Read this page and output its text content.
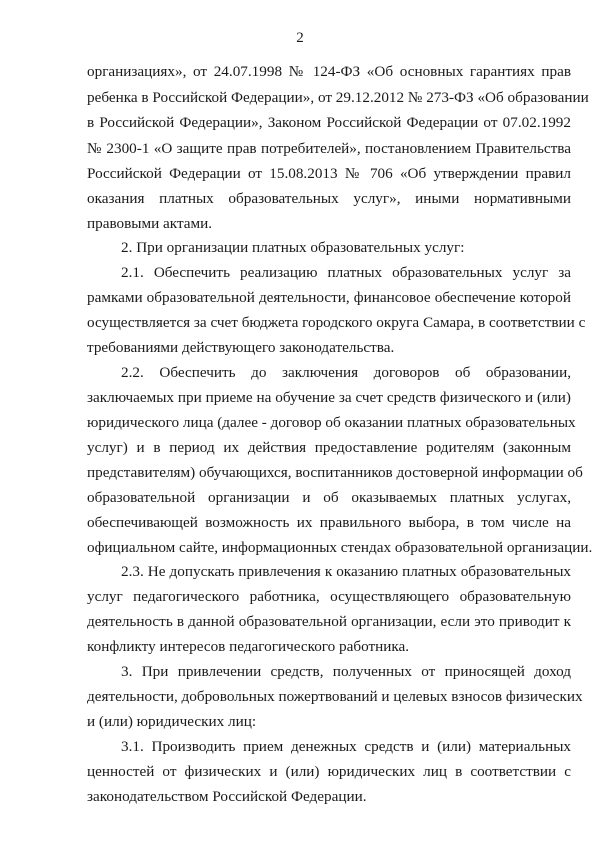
2
организациях», от 24.07.1998 № 124-ФЗ «Об основных гарантиях прав
ребенка в Российской Федерации», от 29.12.2012 № 273-ФЗ «Об образовании
в Российской Федерации», Законом Российской Федерации от 07.02.1992
№ 2300-1 «О защите прав потребителей», постановлением Правительства
Российской Федерации от 15.08.2013 № 706 «Об утверждении правил
оказания платных образовательных услуг», иными нормативными
правовыми актами.
2. При организации платных образовательных услуг:
2.1. Обеспечить реализацию платных образовательных услуг за
рамками образовательной деятельности, финансовое обеспечение которой
осуществляется за счет бюджета городского округа Самара, в соответствии с
требованиями действующего законодательства.
2.2. Обеспечить до заключения договоров об образовании,
заключаемых при приеме на обучение за счет средств физического и (или)
юридического лица (далее - договор об оказании платных образовательных
услуг) и в период их действия предоставление родителям (законным
представителям) обучающихся, воспитанников достоверной информации об
образовательной организации и об оказываемых платных услугах,
обеспечивающей возможность их правильного выбора, в том числе на
официальном сайте, информационных стендах образовательной организации.
2.3. Не допускать привлечения к оказанию платных образовательных
услуг педагогического работника, осуществляющего образовательную
деятельность в данной образовательной организации, если это приводит к
конфликту интересов педагогического работника.
3. При привлечении средств, полученных от приносящей доход
деятельности, добровольных пожертвований и целевых взносов физических
и (или) юридических лиц:
3.1. Производить прием денежных средств и (или) материальных
ценностей от физических и (или) юридических лиц в соответствии с
законодательством Российской Федерации.
